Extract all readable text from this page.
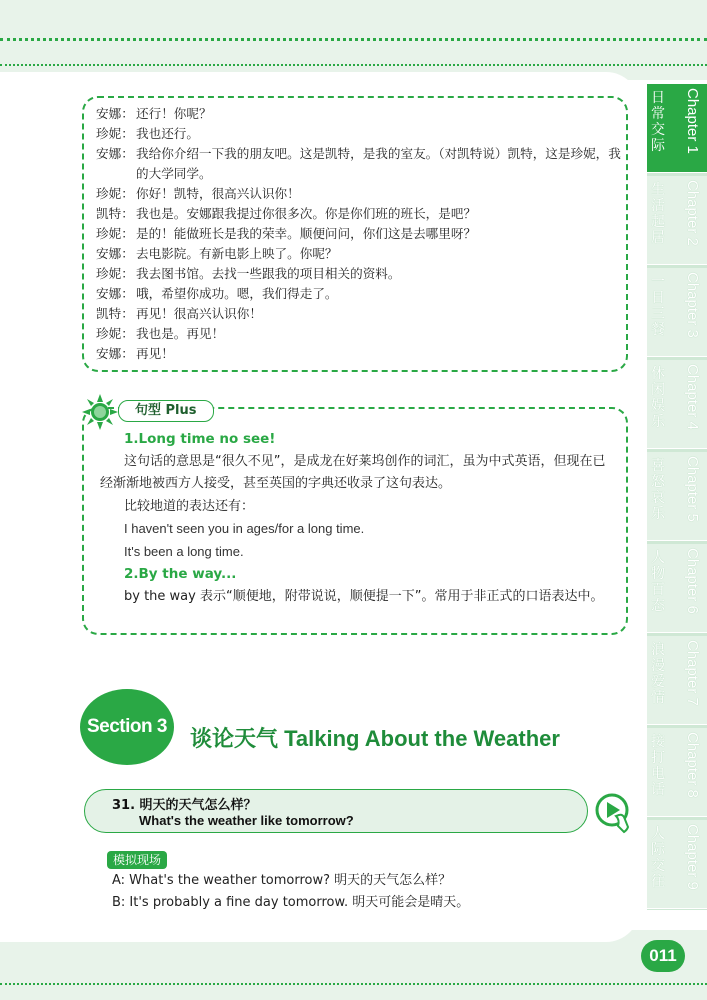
安娜： 还行！你呢？
珍妮： 我也还行。
安娜： 我给你介绍一下我的朋友吧。这是凯特，是我的室友。（对凯特说）凯特，这是珍妮，我的大学同学。
珍妮： 你好！凯特，很高兴认识你！
凯特： 我也是。安娜跟我提过你很多次。你是你们班的班长，是吧？
珍妮： 是的！能做班长是我的荣幸。顺便问问，你们这是去哪里呀？
安娜： 去电影院。有新电影上映了。你呢？
珍妮： 我去图书馆。去找一些跟我的项目相关的资料。
安娜： 哦，希望你成功。嗯，我们得走了。
凯特： 再见！很高兴认识你！
珍妮： 我也是。再见！
安娜： 再见！
句型 Plus

1.Long time no see!

这句话的意思是“很久不见”，是成龙在好莱坞创作的词汇，虽为中式英语，但现在已经渐渐地被西方人接受，甚至英国的字典还收录了这句表达。

比较地道的表达还有：

I haven't seen you in ages/for a long time.

It's been a long time.

2.By the way...

by the way 表示“顺便地，附带说说，顺便提一下”。常用于非正式的口语表达中。

Section 3	谈论天气 Talking About the Weather
31. 明天的天气怎么样？
What's the weather like tomorrow?
模拟现场
A: What's the weather tomorrow? 明天的天气怎么样？
B: It's probably a fine day tomorrow. 明天可能会是晴天。
Chapter 1
日常交际
Chapter 2
生活起居
Chapter 3
一日三餐
Chapter 4
休闲娱乐
Chapter 5
喜怒哀乐
Chapter 6
人物百态
Chapter 7
浪漫爱情
Chapter 8
接打电话
Chapter 9
人际交往
011
